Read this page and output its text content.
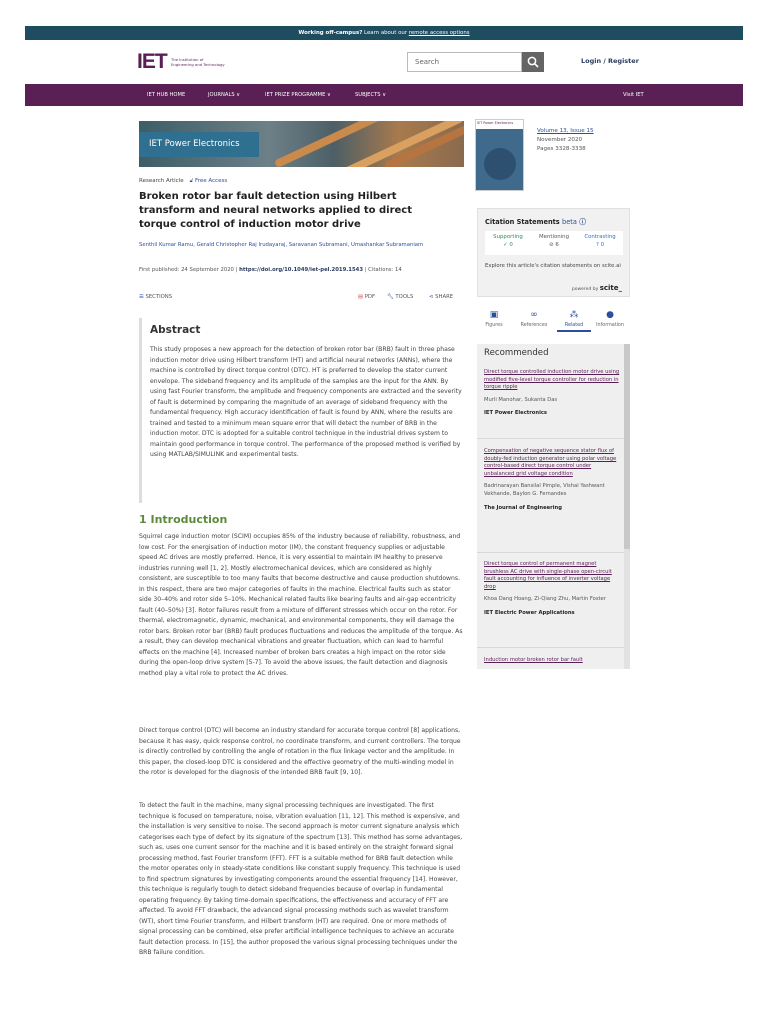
Working off-campus? Learn about our remote access options
IET The Institution of
Engineering and Technology	Search	Login / Register
IET HUB HOME	JOURNALS ∨	IET PRIZE PROGRAMME ∨	SUBJECTS ∨	Visit IET
IET Power Electronics
Research Article 🔓︎ Free Access
Broken rotor bar fault detection using Hilbert transform and neural networks applied to direct torque control of induction motor drive
Senthil Kumar Ramu, Gerald Christopher Raj Irudayaraj, Saravanan Subramani, Umashankar Subramaniam
First published: 24 September 2020 | https://doi.org/10.1049/iet-pel.2019.1543 | Citations: 14
☰ SECTIONS	▤ PDF 🔧︎ TOOLS	⋖ SHARE
Abstract

This study proposes a new approach for the detection of broken rotor bar (BRB) fault in three phase induction motor drive using Hilbert transform (HT) and artificial neural networks (ANNs), where the machine is controlled by direct torque control (DTC). HT is preferred to develop the stator current envelope. The sideband frequency and its amplitude of the samples are the input for the ANN. By using fast Fourier transform, the amplitude and frequency components are extracted and the severity of fault is determined by comparing the magnitude of an average of sideband frequency with the fundamental frequency. High accuracy identification of fault is found by ANN, where the results are trained and tested to a minimum mean square error that will detect the number of BRB in the induction motor. DTC is adopted for a suitable control technique in the industrial drives system to maintain good performance in torque control. The performance of the proposed method is verified by using MATLAB/SIMULINK and experimental tests.

1 Introduction

Squirrel cage induction motor (SCIM) occupies 85% of the industry because of reliability, robustness, and low cost. For the energisation of induction motor (IM), the constant frequency supplies or adjustable speed AC drives are mostly preferred. Hence, it is very essential to maintain IM healthy to preserve industries running well [1, 2]. Mostly electromechanical devices, which are considered as highly consistent, are susceptible to too many faults that become destructive and cause production shutdowns. In this respect, there are two major categories of faults in the machine. Electrical faults such as stator side 30–40% and rotor side 5–10%. Mechanical related faults like bearing faults and air-gap eccentricity fault (40–50%) [3]. Rotor failures result from a mixture of different stresses which occur on the rotor. For thermal, electromagnetic, dynamic, mechanical, and environmental components, they will damage the rotor bars. Broken rotor bar (BRB) fault produces fluctuations and reduces the amplitude of the torque. As a result, they can develop mechanical vibrations and greater fluctuation, which can lead to harmful effects on the machine [4]. Increased number of broken bars creates a high impact on the rotor side during the open-loop drive system [5-7]. To avoid the above issues, the fault detection and diagnosis method play a vital role to protect the AC drives.

Direct torque control (DTC) will become an industry standard for accurate torque control [8] applications, because it has easy, quick response control, no coordinate transform, and current controllers. The torque is directly controlled by controlling the angle of rotation in the flux linkage vector and the amplitude. In this paper, the closed-loop DTC is considered and the effective geometry of the multi-winding model in the rotor is developed for the diagnosis of the intended BRB fault [9, 10].

To detect the fault in the machine, many signal processing techniques are investigated. The first technique is focused on temperature, noise, vibration evaluation [11, 12]. This method is expensive, and the installation is very sensitive to noise. The second approach is motor current signature analysis which categorises each type of defect by its signature of the spectrum [13]. This method has some advantages, such as, uses one current sensor for the machine and it is based entirely on the straight forward signal processing method, fast Fourier transform (FFT). FFT is a suitable method for BRB fault detection while the motor operates only in steady-state conditions like constant supply frequency. This technique is used to find spectrum signatures by investigating components around the essential frequency [14]. However, this technique is regularly tough to detect sideband frequencies because of overlap in fundamental operating frequency. By taking time-domain specifications, the effectiveness and accuracy of FFT are affected. To avoid FFT drawback, the advanced signal processing methods such as wavelet transform (WT), short time Fourier transform, and Hilbert transform (HT) are required. One or more methods of signal processing can be combined, else prefer artificial intelligence techniques to achieve an accurate fault detection process. In [15], the author proposed the various signal processing techniques under the BRB failure condition.

IET Power Electronics
Volume 13, Issue 15
November 2020
Pages 3328-3338
Citation Statements beta ⓘ
Supporting
✓ 0
Mentioning
⊘ 6
Contrasting
? 0
Explore this article's citation statements on scite.ai
powered by scite_
▣
Figures
∞
References
⁂
Related
●
Information
Recommended
Direct torque controlled induction motor drive using modified five-level torque controller for reduction in torque ripple
Murli Manohar, Sukanta Das
IET Power Electronics
Compensation of negative sequence stator flux of doubly-fed induction generator using polar voltage control-based direct torque control under unbalanced grid voltage condition
Badrinarayan Bansilal Pimple, Vishal Yashwant Vekhande, Baylon G. Fernandes
The Journal of Engineering
Direct torque control of permanent magnet brushless AC drive with single-phase open-circuit fault accounting for influence of inverter voltage drop
Khoa Dang Hoang, Zi-Qiang Zhu, Martin Foster
IET Electric Power Applications
Induction motor broken rotor bar fault
